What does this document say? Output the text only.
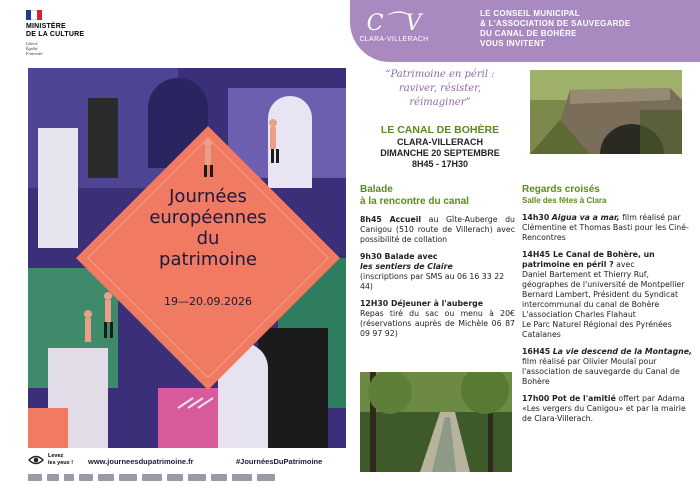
MINISTÈRE
DE LA CULTURE
Liberté
Égalité
Fraternité
C⌒V
CLARA-VILLERACH
LE CONSEIL MUNICIPAL
& L'ASSOCIATION DE SAUVEGARDE
DU CANAL DE BOHÈRE
VOUS INVITENT
Journées
européennes
du
patrimoine
19—20.09.2026
Levez
les yeux ! www.journeesdupatrimoine.fr	#JournéesDuPatrimoine
“Patrimoine en péril :
raviver, résister,
réimaginer”
LE CANAL DE BOHÈRE
CLARA-VILLERACH
DIMANCHE 20 SEPTEMBRE
8H45 - 17H30
Balade
à la rencontre du canal

8h45 Accueil au Gîte-Auberge du Canigou (510 route de Villerach) avec possibilité de collation

9h30 Balade avec
les sentiers de Claire
(inscriptions par SMS au 06 16 33 22 44)

12H30 Déjeuner à l'auberge
Repas tiré du sac ou menu à 20€ (réservations auprès de Michèle 06 87 09 97 92)

Regards croisés
Salle des fêtes à Clara

14h30 Aigua va a mar, film réalisé par Clémentine et Thomas Basti pour les Ciné-Rencontres

14H45 Le Canal de Bohère, un patrimoine en péril ? avec
Daniel Bartement et Thierry Ruf, géographes de l'université de Montpellier
Bernard Lambert, Président du Syndicat intercommunal du canal de Bohère
L'association Charles Flahaut
Le Parc Naturel Régional des Pyrénées Catalanes

16H45 La vie descend de la Montagne, film réalisé par Olivier Moulaï pour l'association de sauvegarde du Canal de Bohère

17h00 Pot de l'amitié offert par Adama «Les vergers du Canigou» et par la mairie de Clara-Villerach.
